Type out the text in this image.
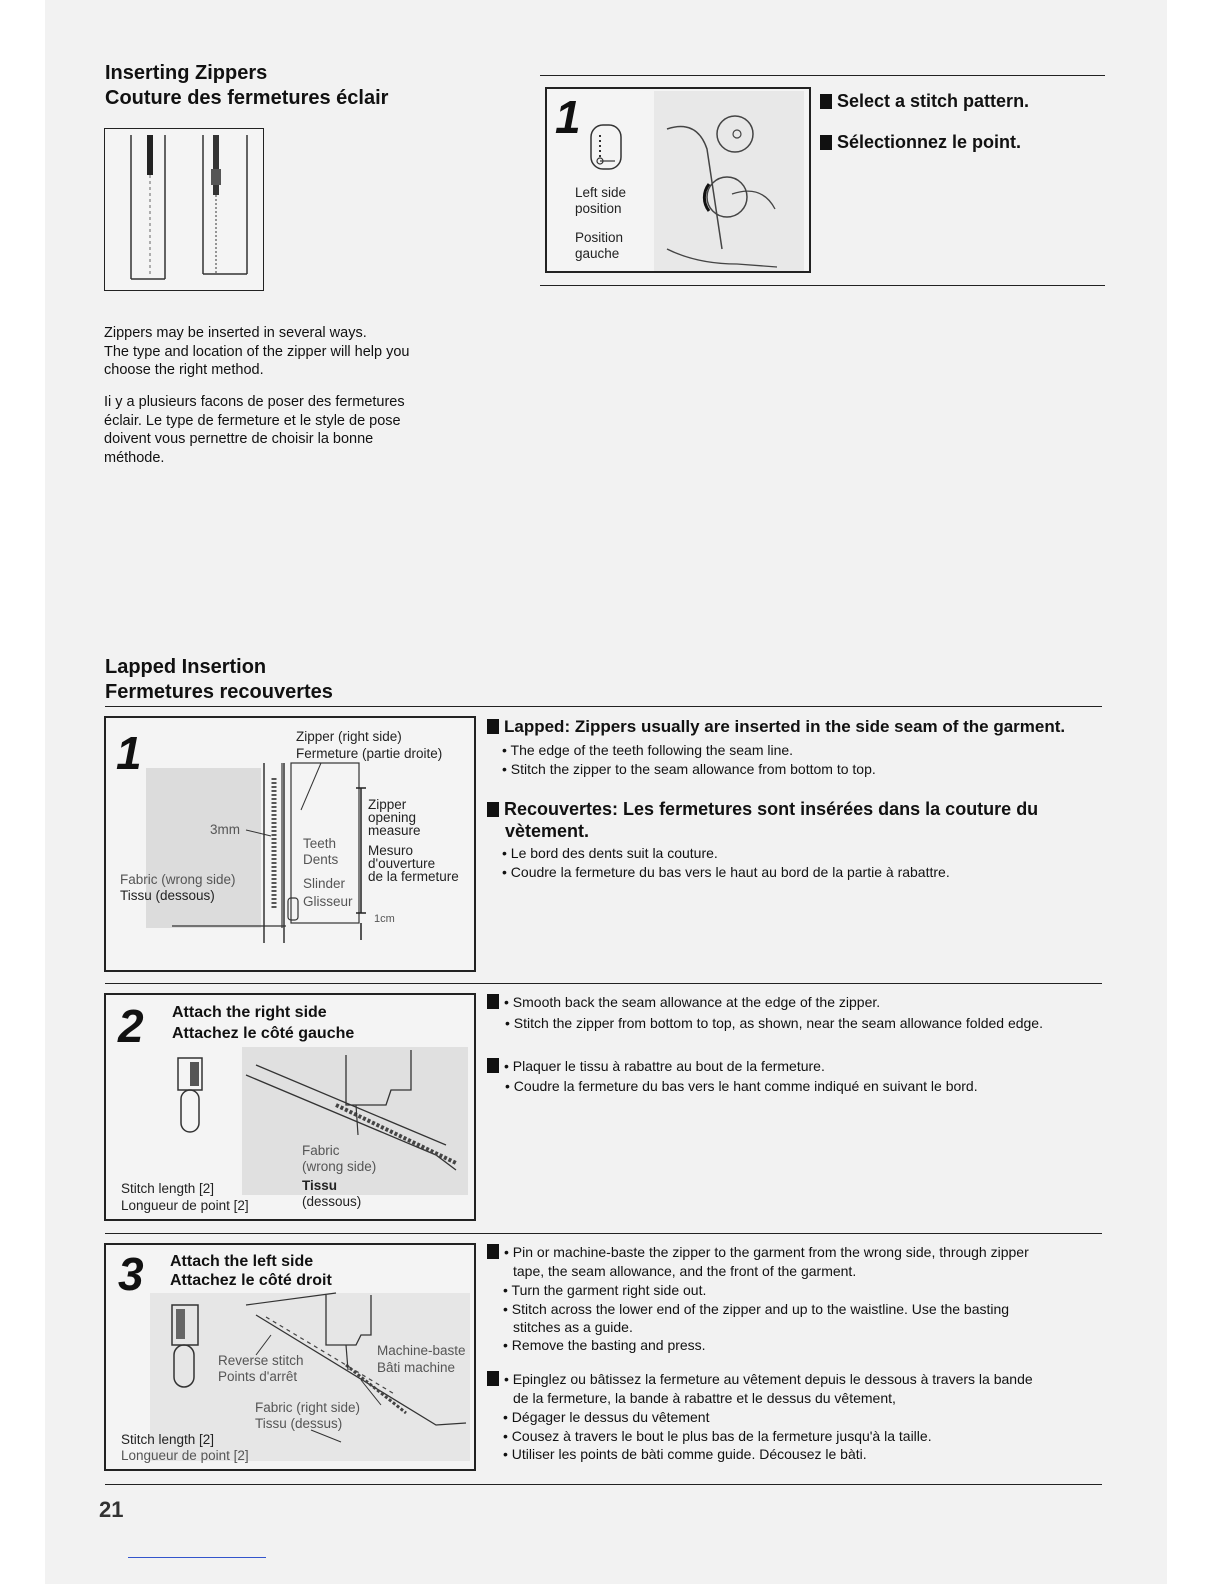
Inserting Zippers
Couture des fermetures éclair
Zippers may be inserted in several ways.
The type and location of the zipper will help you
choose the right method.
Ii y a plusieurs facons de poser des fermetures
éclair. Le type de fermeture et le style de pose
doivent vous pernettre de choisir la bonne
méthode.
1
Left side
position
Position
gauche
Select a stitch pattern.
Sélectionnez le point.
Lapped Insertion
Fermetures recouvertes
1	Zipper (right side)
Fermeture (partie droite)
Zipper
opening
measure
Mesuro
d'ouverture
de la fermeture
3mm
Teeth
Dents
Slinder
Glisseur
Fabric (wrong side)
Tissu (dessous)
1cm
Lapped: Zippers usually are inserted in the side seam of the garment.
• The edge of the teeth following the seam line.
• Stitch the zipper to the seam allowance from bottom to top.
Recouvertes: Les fermetures sont insérées dans la couture du
vètement.
• Le bord des dents suit la couture.
• Coudre la fermeture du bas vers le haut au bord de la partie à rabattre.
2 Attach the right side
Attachez le côté gauche
Fabric
(wrong side)
Tissu
(dessous)
Stitch length [2]
Longueur de point [2]
• Smooth back the seam allowance at the edge of the zipper.
• Stitch the zipper from bottom to top, as shown, near the seam allowance folded edge.
• Plaquer le tissu à rabattre au bout de la fermeture.
• Coudre la fermeture du bas vers le hant comme indiqué en suivant le bord.
3 Attach the left side
Attachez le côté droit
Reverse stitch
Points d'arrêt
Machine-baste
Bâti machine
Fabric (right side)
Tissu (dessus)
Stitch length [2]
Longueur de point [2]
• Pin or machine-baste the zipper to the garment from the wrong side, through zipper
tape, the seam allowance, and the front of the garment.
• Turn the garment right side out.
• Stitch across the lower end of the zipper and up to the waistline. Use the basting
stitches as a guide.
• Remove the basting and press.
• Epinglez ou bâtissez la fermeture au vêtement depuis le dessous à travers la bande
de la fermeture, la bande à rabattre et le dessus du vêtement,
• Dégager le dessus du vêtement
• Cousez à travers le bout le plus bas de la fermeture jusqu'à la taille.
• Utiliser les points de bàti comme guide. Décousez le bàti.
21
